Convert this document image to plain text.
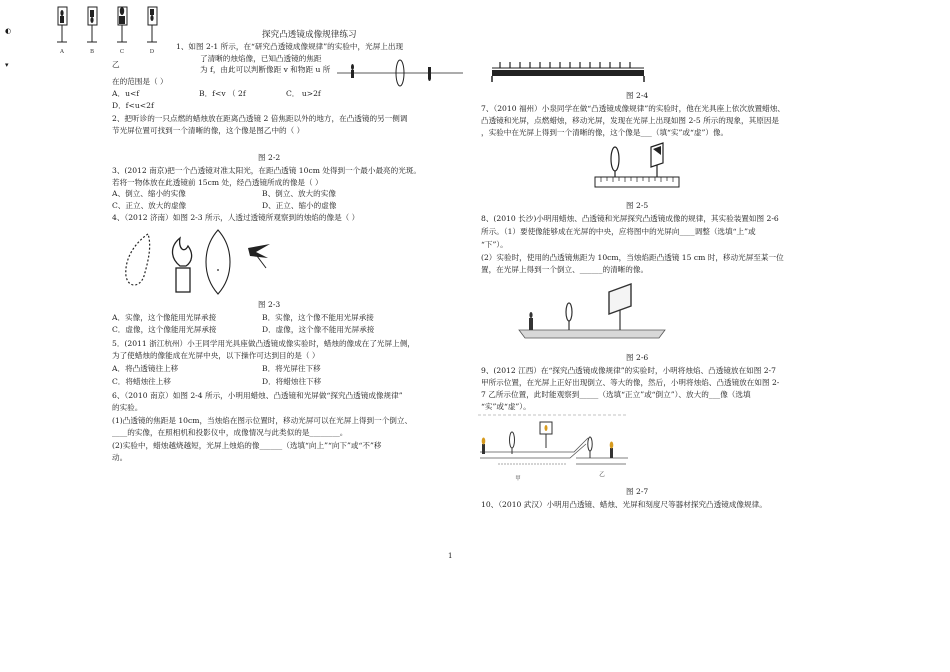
◐
▾
A	B	C	D
乙
探究凸透镜成像规律练习
1、如图 2-1 所示，在“研究凸透镜成像规律”的实验中，光屏上出现
了清晰的烛焰像，已知凸透镜的焦距
为 f，由此可以判断像距 v 和物距 u 所
在的范围是（ ）
A．u<f	B．f<v （ 2f	C． u>2f
D．f<u<2f
2、把听诊的一只点燃的蜡烛放在距离凸透镜 2 倍焦距以外的地方，在凸透镜的另一侧调
节光屏位置可找到一个清晰的像，这个像是图乙中的（ ）
图 2-2
3、(2012 南京)把一个凸透镜对准太阳光，在距凸透镜 10cm 处得到一个最小最亮的光斑。
若将一物体放在此透镜前 15cm 处，经凸透镜所成的像是（ ）
A、倒立、缩小的实像	B、倒立、放大的实像
C、正立、放大的虚像	D、正立、缩小的虚像
4、（2012 济南）如图 2-3 所示，人透过透镜所观察到的烛焰的像是（ ）
图 2-3
A．实像，这个像能用光屏承接	B．实像，这个像不能用光屏承接
C．虚像，这个像能用光屏承接	D．虚像，这个像不能用光屏承接
5．(2011 浙江杭州）小王同学用光具座做凸透镜成像实验时，蜡烛的像成在了光屏上侧，
为了使蜡烛的像能成在光屏中央，以下操作可达到目的是（ ）
A．将凸透镜往上移	B．将光屏往下移
C．将蜡烛往上移	D．将蜡烛往下移
6、（2010 南京）如图 2-4 所示，小明用蜡烛、凸透镜和光屏做“探究凸透镜成像规律”
的实验。
(1)凸透镜的焦距是 10cm，当烛焰在图示位置时，移动光屏可以在光屏上得到一个倒立、
____的实像，在照相机和投影仪中，成像情况与此类似的是________。
(2)实验中，蜡烛越烧越短，光屏上烛焰的像______（选填“向上”“向下”或“不”移
动。
图 2-4
7、（2010 福州）小泉同学在做“凸透镜成像规律”的实验时，他在光具座上依次放置蜡烛、
凸透镜和光屏，点燃蜡烛，移动光屏，发现在光屏上出现如图 2-5 所示的现象，其原因是
，实验中在光屏上得到一个清晰的像，这个像是___（填“实”或“虚”）像。
图 2-5
8、(2010 长沙)小明用蜡烛、凸透镜和光屏探究凸透镜成像的规律，其实验装置如图 2-6
所示。（1）要使像能够成在光屏的中央，应将图中的光屏向____调整（选填“上”或
“下”）。
(2）实验时，使用的凸透镜焦距为 10cm，当烛焰距凸透镜 15 cm 时，移动光屏至某一位
置，在光屏上得到一个倒立、______的清晰的像。
图 2-6
9、(2012 江西）在“探究凸透镜成像规律”的实验时，小明将烛焰、凸透镜放在如图 2-7
甲所示位置，在光屏上正好出现倒立、等大的像，然后，小明将烛焰、凸透镜放在如图 2-
7 乙所示位置，此时能观察到_____（选填“正立”或“倒立”）、放大的___像（选填
“实”或“虚”）。
甲
乙
图 2-7
10、（2010 武汉）小明用凸透镜、蜡烛、光屏和刻度尺等器材探究凸透镜成像规律。
1
